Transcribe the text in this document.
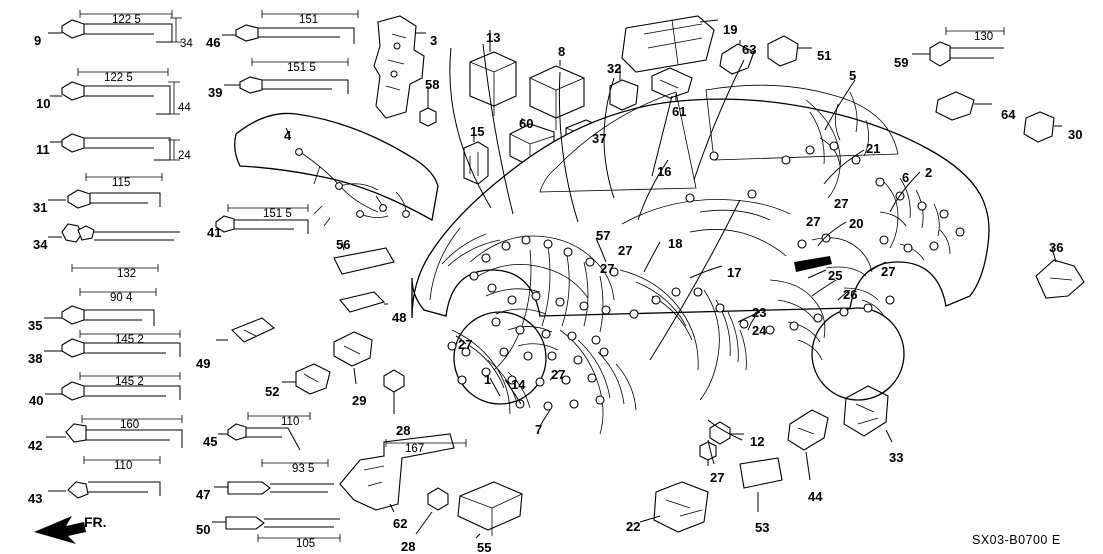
122 5
34
151
122 5
44
151 5
24
115
151 5
132
90 4
145 2
145 2
160	110
110
167
93 5
105
130
9	46	3	13
8
19
63	51	59
10
39
58
32
61
5
64
11
4	15
60
37
21
30
16	2
6
31
41
27
20
34	56
57
18
27
36
27
27	17	25	27
26
35
48	23
24
38	49
27
40
52
29
27
14
42	45
1
28	7
12
33
43	47
62
27
44
53
50
28	55
22
FR.
SX03-B0700 E
